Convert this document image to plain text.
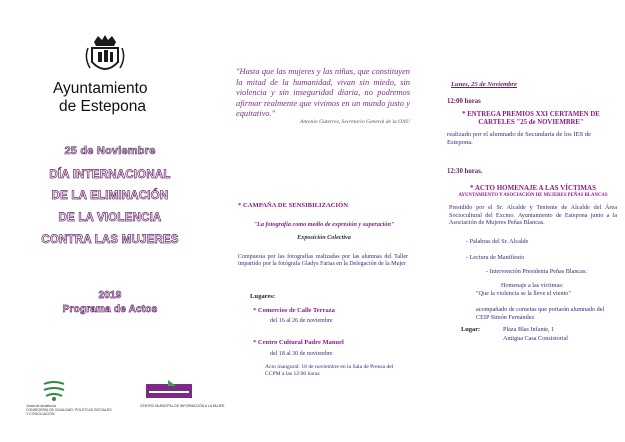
Ayuntamiento
de Estepona
25 de Noviembre
DÍA INTERNACIONAL
DE LA ELIMINACIÓN
DE LA VIOLENCIA
CONTRA LAS MUJERES
2019
Programa de Actos
Junta de Andalucía
CONSEJERÍA DE IGUALDAD, POLÍTICAS SOCIALES
Y CONCILIACIÓN
CENTRO MUNICIPAL DE INFORMACIÓN A LA MUJER
"Hasta que las mujeres y las niñas, que constituyen la mitad de la humanidad, vivan sin miedo, sin violencia y sin inseguridad diaria, no podremos afirmar realmente que vivimos en un mundo justo y equitativo."
Antonio Guterres, Secretario General de la ONU
* CAMPAÑA DE SENSIBILIZACIÓN
"La fotografía como medio de expresión y superación"
Exposición Colectiva
Compuesta por las fotografías realizadas por las alumnas del Taller impartido por la fotógrafa Gladys Farias en la Delegación de la Mujer
Lugares:
* Comercios de Calle Terraza
del 16 al 26 de noviembre
* Centro Cultural Padre Manuel
del 18 al 30 de noviembre
Acto inaugural: 18 de noviembre en la Sala de Prensa del CCPM a las 12:00 horas
Lunes, 25 de Noviembre
12:00 horas
* ENTREGA PREMIOS XXI CERTAMEN DE CARTELES "25 de NOVIEMBRE"
realizado por el alumnado de Secundaria de los IES de Estepona.
12:30 horas.
* ACTO HOMENAJE A LAS VÍCTIMAS
AYUNTAMIENTO Y ASOCIACIÓN DE MUJERES PEÑAS BLANCAS
Presidido por el Sr. Alcalde y Teniente de Alcalde del Área Sociocultural del Excmo. Ayuntamiento de Estepona junto a la Asociación de Mujeres Peñas Blancas.
- Palabras del Sr. Alcalde
- Lectura de Manifiesto
- Intervención Presidenta Peñas Blancas:
Homenaje a las víctimas:
"Que la violencia se la lleve el viento"
acompañado de cometas que portarán alumnado del CEIP Simón Fernández
Lugar:	Plaza Blas Infante, 1
Antigua Casa Consistorial
